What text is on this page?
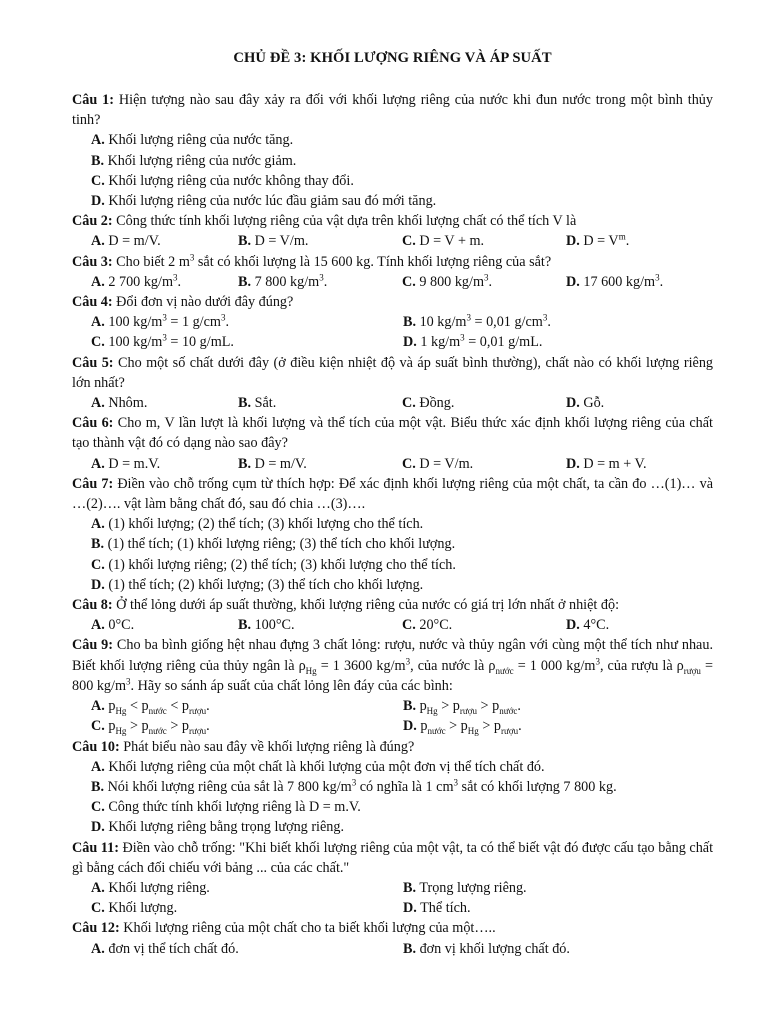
CHỦ ĐỀ 3: KHỐI LƯỢNG RIÊNG VÀ ÁP SUẤT

Câu 1: Hiện tượng nào sau đây xảy ra đối với khối lượng riêng của nước khi đun nước trong một bình thủy tinh?

A. Khối lượng riêng của nước tăng.
B. Khối lượng riêng của nước giảm.
C. Khối lượng riêng của nước không thay đổi.
D. Khối lượng riêng của nước lúc đầu giảm sau đó mới tăng.

Câu 2: Công thức tính khối lượng riêng của vật dựa trên khối lượng chất có thể tích V là

A. D = m/V.	B. D = V/m.	C. D = V + m.	D. $D = V^m$.

Câu 3: Cho biết 2 $m^3$ sắt có khối lượng là 15 600 kg. Tính khối lượng riêng của sắt?

A. 2 700 $kg/m^3$.	B. 7 800 $kg/m^3$.	C. 9 800 $kg/m^3$.	D. 17 600 $kg/m^3$.

Câu 4: Đổi đơn vị nào dưới đây đúng?

A. 100 $kg/m^3 = 1$ $g/cm^3$.	B. 10 $kg/m^3 = 0,01$ $g/cm^3$.
C. 100 $kg/m^3 = 10$ g/mL.	D. 1 $kg/m^3 = 0,01$ g/mL.

Câu 5: Cho một số chất dưới đây (ở điều kiện nhiệt độ và áp suất bình thường), chất nào có khối lượng riêng lớn nhất?

A. Nhôm.	B. Sắt.	C. Đồng.	D. Gỗ.

Câu 6: Cho m, V lần lượt là khối lượng và thể tích của một vật. Biểu thức xác định khối lượng riêng của chất tạo thành vật đó có dạng nào sao đây?

A. D = m.V.	B. D = m/V.	C. D = V/m.	D. D = m + V.

Câu 7: Điền vào chỗ trống cụm từ thích hợp: Để xác định khối lượng riêng của một chất, ta cần đo …(1)… và …(2)…. vật làm bằng chất đó, sau đó chia …(3)….

A. (1) khối lượng; (2) thể tích; (3) khối lượng cho thể tích.
B. (1) thể tích; (1) khối lượng riêng; (3) thể tích cho khối lượng.
C. (1) khối lượng riêng; (2) thể tích; (3) khối lượng cho thể tích.
D. (1) thể tích; (2) khối lượng; (3) thể tích cho khối lượng.

Câu 8: Ở thể lỏng dưới áp suất thường, khối lượng riêng của nước có giá trị lớn nhất ở nhiệt độ:

A. 0°C.	B. 100°C.	C. 20°C.	D. 4°C.

Câu 9: Cho ba bình giống hệt nhau đựng 3 chất lỏng: rượu, nước và thủy ngân với cùng một thể tích như nhau. Biết khối lượng riêng của thủy ngân là $\rho_{Hg} = 1$ 3600 $kg/m^3$, của nước là $\rho_{nước} = 1$ 000 $kg/m^3$, của rượu là $\rho_{rượu} = 800$ $kg/m^3$. Hãy so sánh áp suất của chất lỏng lên đáy của các bình:

A. $p_{Hg} < p_{nước} < p_{rượu}$.	B. $p_{Hg} > p_{rượu} > p_{nước}$.
C. $p_{Hg} > p_{nước} > p_{rượu}$.	D. $p_{nước} > p_{Hg} > p_{rượu}$.

Câu 10: Phát biểu nào sau đây về khối lượng riêng là đúng?

A. Khối lượng riêng của một chất là khối lượng của một đơn vị thể tích chất đó.
B. Nói khối lượng riêng của sắt là 7 800 $kg/m^3$ có nghĩa là 1 $cm^3$ sắt có khối lượng 7 800 kg.
C. Công thức tính khối lượng riêng là D = m.V.
D. Khối lượng riêng bằng trọng lượng riêng.

Câu 11: Điền vào chỗ trống: "Khi biết khối lượng riêng của một vật, ta có thể biết vật đó được cấu tạo bằng chất gì bằng cách đối chiếu với bảng ... của các chất."

A. Khối lượng riêng.	B. Trọng lượng riêng.
C. Khối lượng.	D. Thể tích.

Câu 12: Khối lượng riêng của một chất cho ta biết khối lượng của một…..

A. đơn vị thể tích chất đó.	B. đơn vị khối lượng chất đó.
